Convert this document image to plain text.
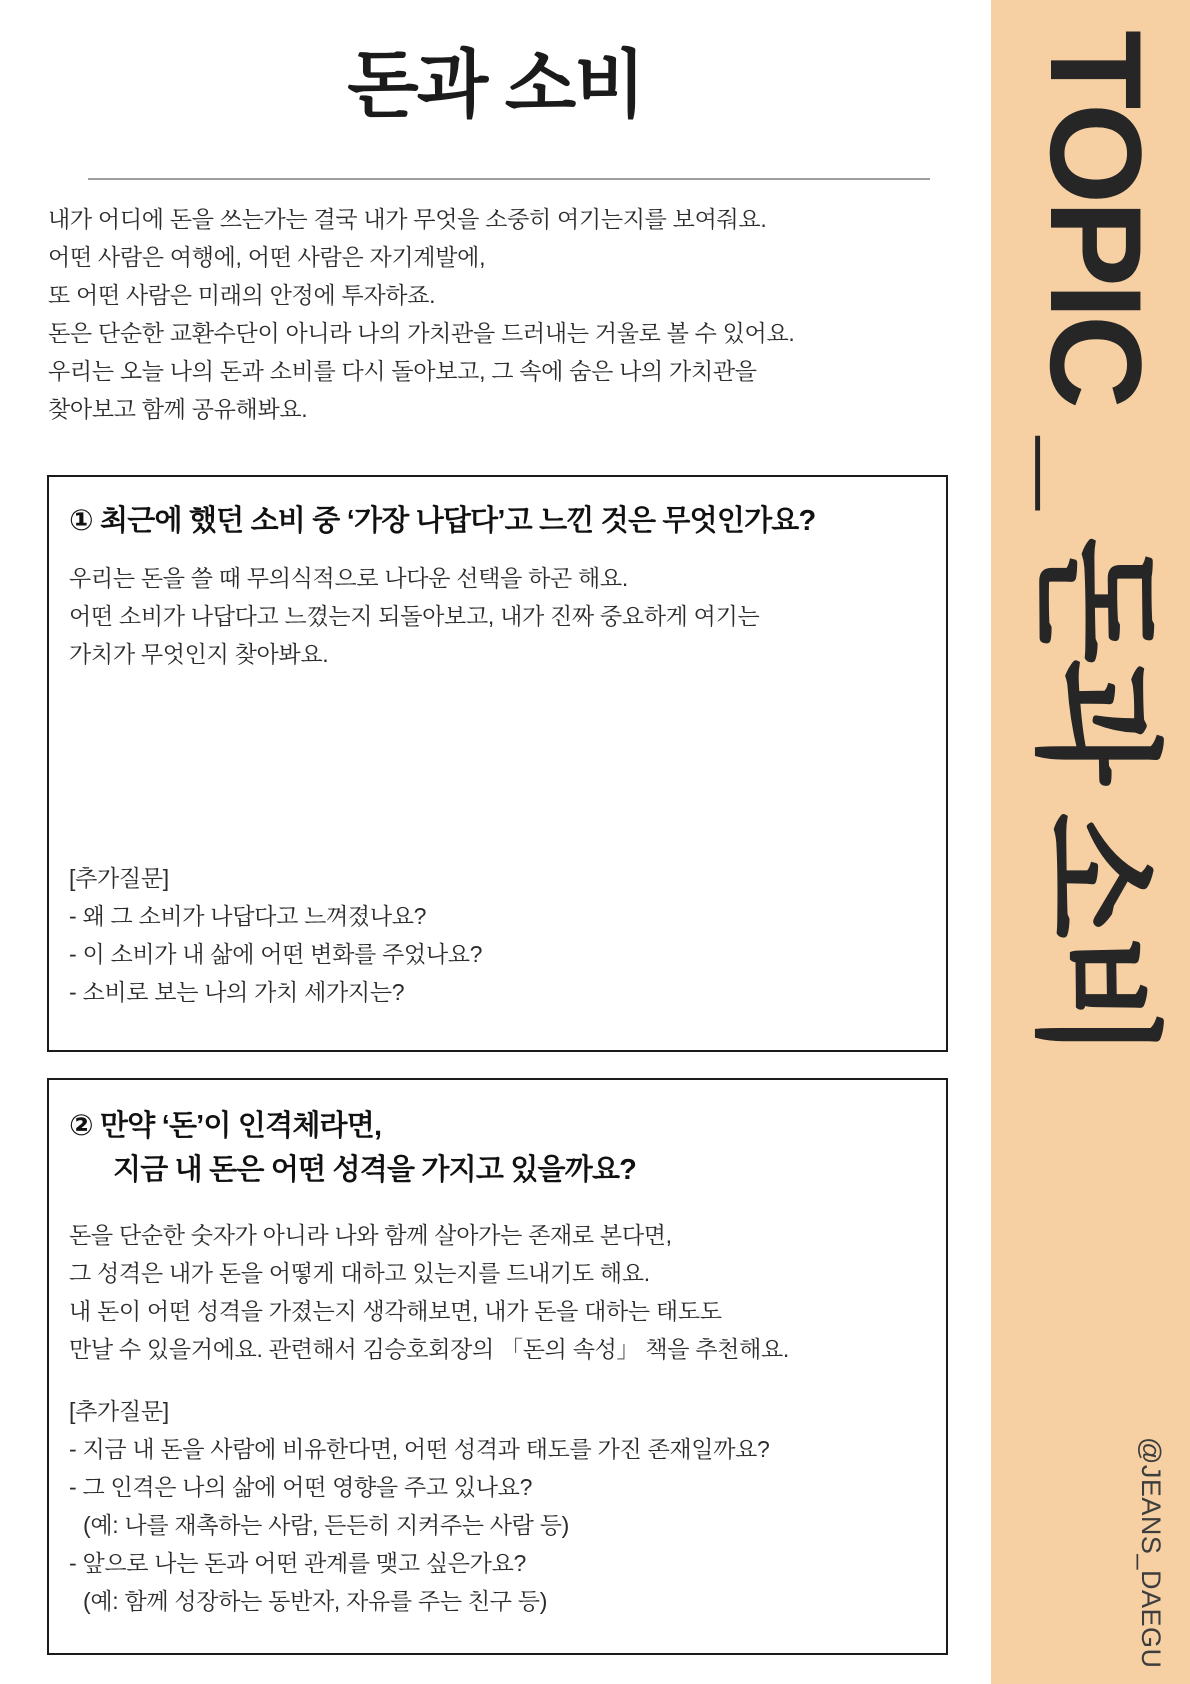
돈과 소비
내가 어디에 돈을 쓰는가는 결국 내가 무엇을 소중히 여기는지를 보여줘요.
어떤 사람은 여행에, 어떤 사람은 자기계발에,
또 어떤 사람은 미래의 안정에 투자하죠.
돈은 단순한 교환수단이 아니라 나의 가치관을 드러내는 거울로 볼 수 있어요.
우리는 오늘 나의 돈과 소비를 다시 돌아보고, 그 속에 숨은 나의 가치관을
찾아보고 함께 공유해봐요.
① 최근에 했던 소비 중 ‘가장 나답다’고 느낀 것은 무엇인가요?
우리는 돈을 쓸 때 무의식적으로 나다운 선택을 하곤 해요.
어떤 소비가 나답다고 느꼈는지 되돌아보고, 내가 진짜 중요하게 여기는
가치가 무엇인지 찾아봐요.
[추가질문]
- 왜 그 소비가 나답다고 느껴졌나요?
- 이 소비가 내 삶에 어떤 변화를 주었나요?
- 소비로 보는 나의 가치 세가지는?
② 만약 ‘돈’이 인격체라면,
지금 내 돈은 어떤 성격을 가지고 있을까요?
돈을 단순한 숫자가 아니라 나와 함께 살아가는 존재로 본다면,
그 성격은 내가 돈을 어떻게 대하고 있는지를 드내기도 해요.
내 돈이 어떤 성격을 가졌는지 생각해보면, 내가 돈을 대하는 태도도
만날 수 있을거에요. 관련해서 김승호회장의 「돈의 속성」 책을 추천해요.
[추가질문]
- 지금 내 돈을 사람에 비유한다면, 어떤 성격과 태도를 가진 존재일까요?
- 그 인격은 나의 삶에 어떤 영향을 주고 있나요?
(예: 나를 재촉하는 사람, 든든히 지켜주는 사람 등)
- 앞으로 나는 돈과 어떤 관계를 맺고 싶은가요?
(예: 함께 성장하는 동반자, 자유를 주는 친구 등)
TOPIC _ 돈과 소비
@JEANS_DAEGU
